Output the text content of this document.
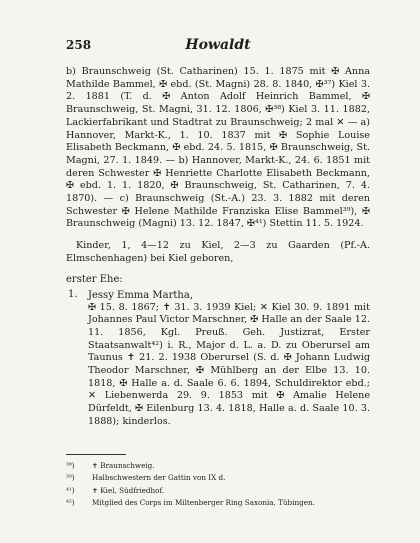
258	Howaldt

b) Braunschweig (St. Catharinen) 15. 1. 1875 mit ✠ Anna Mathilde Bammel, ✠ ebd. (St. Magni) 28. 8. 1840, ✠³⁷) Kiel 3. 2. 1881 (T. d. ✠ Anton Adolf Heinrich Bammel, ✠ Braunschweig, St. Magni, 31. 12. 1806, ✠³⁸) Kiel 3. 11. 1882, Lackierfabrikant und Stadtrat zu Braunschweig; 2 mal ✕ — a) Hannover, Markt-K., 1. 10. 1837 mit ✠ Sophie Louise Elisabeth Beckmann, ✠ ebd. 24. 5. 1815, ✠ Braunschweig, St. Magni, 27. 1. 1849. — b) Hannover, Markt-K., 24. 6. 1851 mit deren Schwester ✠ Henriette Charlotte Elisabeth Beckmann, ✠ ebd. 1. 1. 1820, ✠ Braunschweig, St. Catharinen, 7. 4. 1870). — c) Braunschweig (St.-A.) 23. 3. 1882 mit deren Schwester ✠ Helene Mathilde Franziska Elise Bammel³⁹), ✠ Braunschweig (Magni) 13. 12. 1847, ✠⁴¹) Stettin 11. 5. 1924.

Kinder, 1, 4—12 zu Kiel, 2—3 zu Gaarden (Pf.-A. Elmschenhagen) bei Kiel geboren,

erster Ehe:
1.	Jessy Emma Martha,

✠ 15. 8. 1867; ✝ 31. 3. 1939 Kiel; ✕ Kiel 30. 9. 1891 mit Johannes Paul Victor Marschner, ✠ Halle an der Saale 12. 11. 1856, Kgl. Preuß. Geh. Justizrat, Erster Staatsanwalt⁴²) i. R., Major d. L. a. D. zu Oberursel am Taunus ✝ 21. 2. 1938 Oberursel (S. d. ✠ Johann Ludwig Theodor Marschner, ✠ Mühlberg an der Elbe 13. 10. 1818, ✠ Halle a. d. Saale 6. 6. 1894, Schuldirektor ebd.; ✕ Liebenwerda 29. 9. 1853 mit ✠ Amalie Helene Dürfeldt, ✠ Eilenburg 13. 4. 1818, Halle a. d. Saale 10. 3. 1888); kinderlos.

³⁸) ✝ Braunschweig.
³⁹) Halbschwestern der Gattin von IX d.
⁴¹) ✝ Kiel, Südfriedhof.
⁴²) Mitglied des Corps im Miltenberger Ring Saxonia, Tübingen.
